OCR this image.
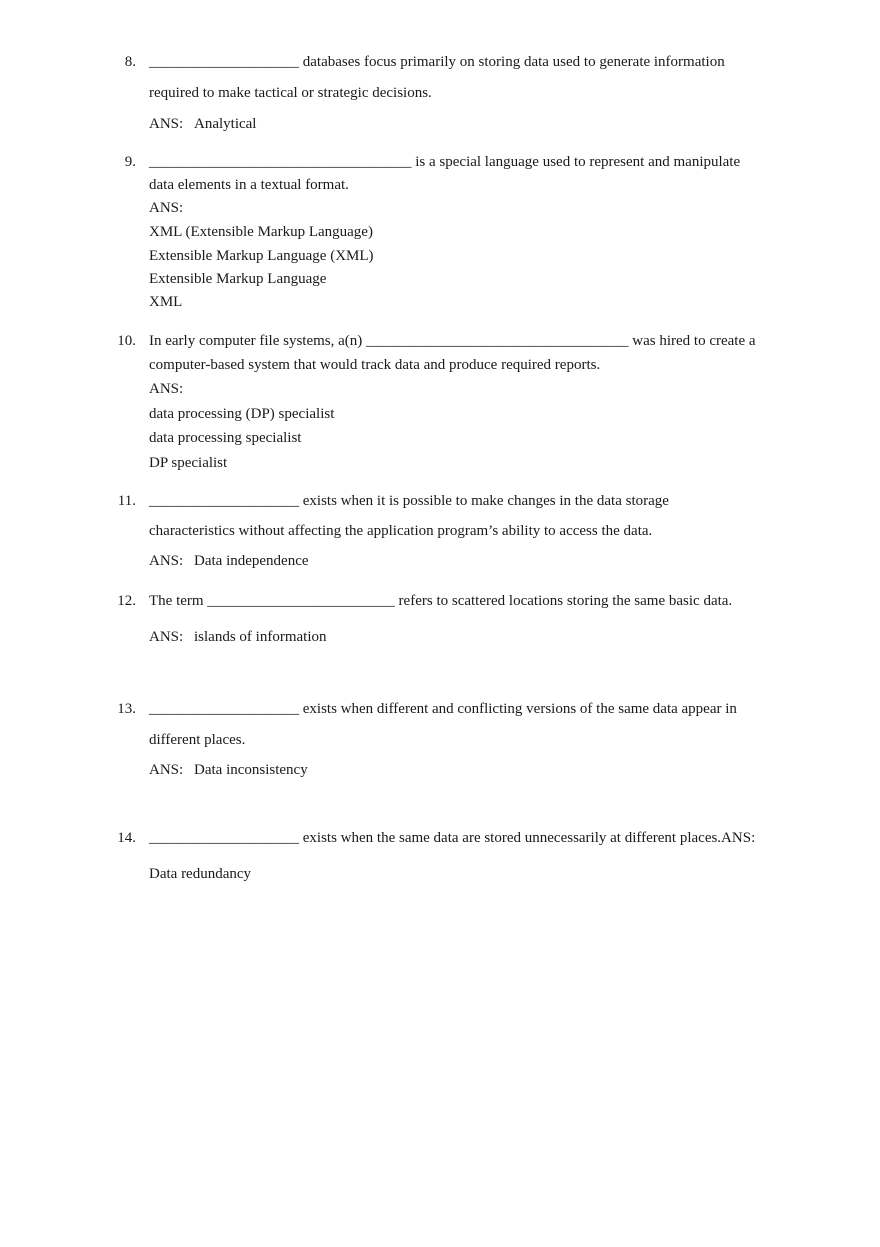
8. ____________________ databases focus primarily on storing data used to generate information
required to make tactical or strategic decisions.
ANS: Analytical
9. ___________________________________ is a special language used to represent and manipulate
data elements in a textual format.
ANS:
XML (Extensible Markup Language)
Extensible Markup Language (XML)
Extensible Markup Language
XML
10. In early computer file systems, a(n) ___________________________________ was hired to create a
computer-based system that would track data and produce required reports.
ANS:
data processing (DP) specialist
data processing specialist
DP specialist
11. ____________________ exists when it is possible to make changes in the data storage
characteristics without affecting the application program’s ability to access the data.
ANS: Data independence
12. The term _________________________ refers to scattered locations storing the same basic data.
ANS: islands of information
13. ____________________ exists when different and conflicting versions of the same data appear in
different places.
ANS: Data inconsistency
14. ____________________ exists when the same data are stored unnecessarily at different places.ANS:
Data redundancy
